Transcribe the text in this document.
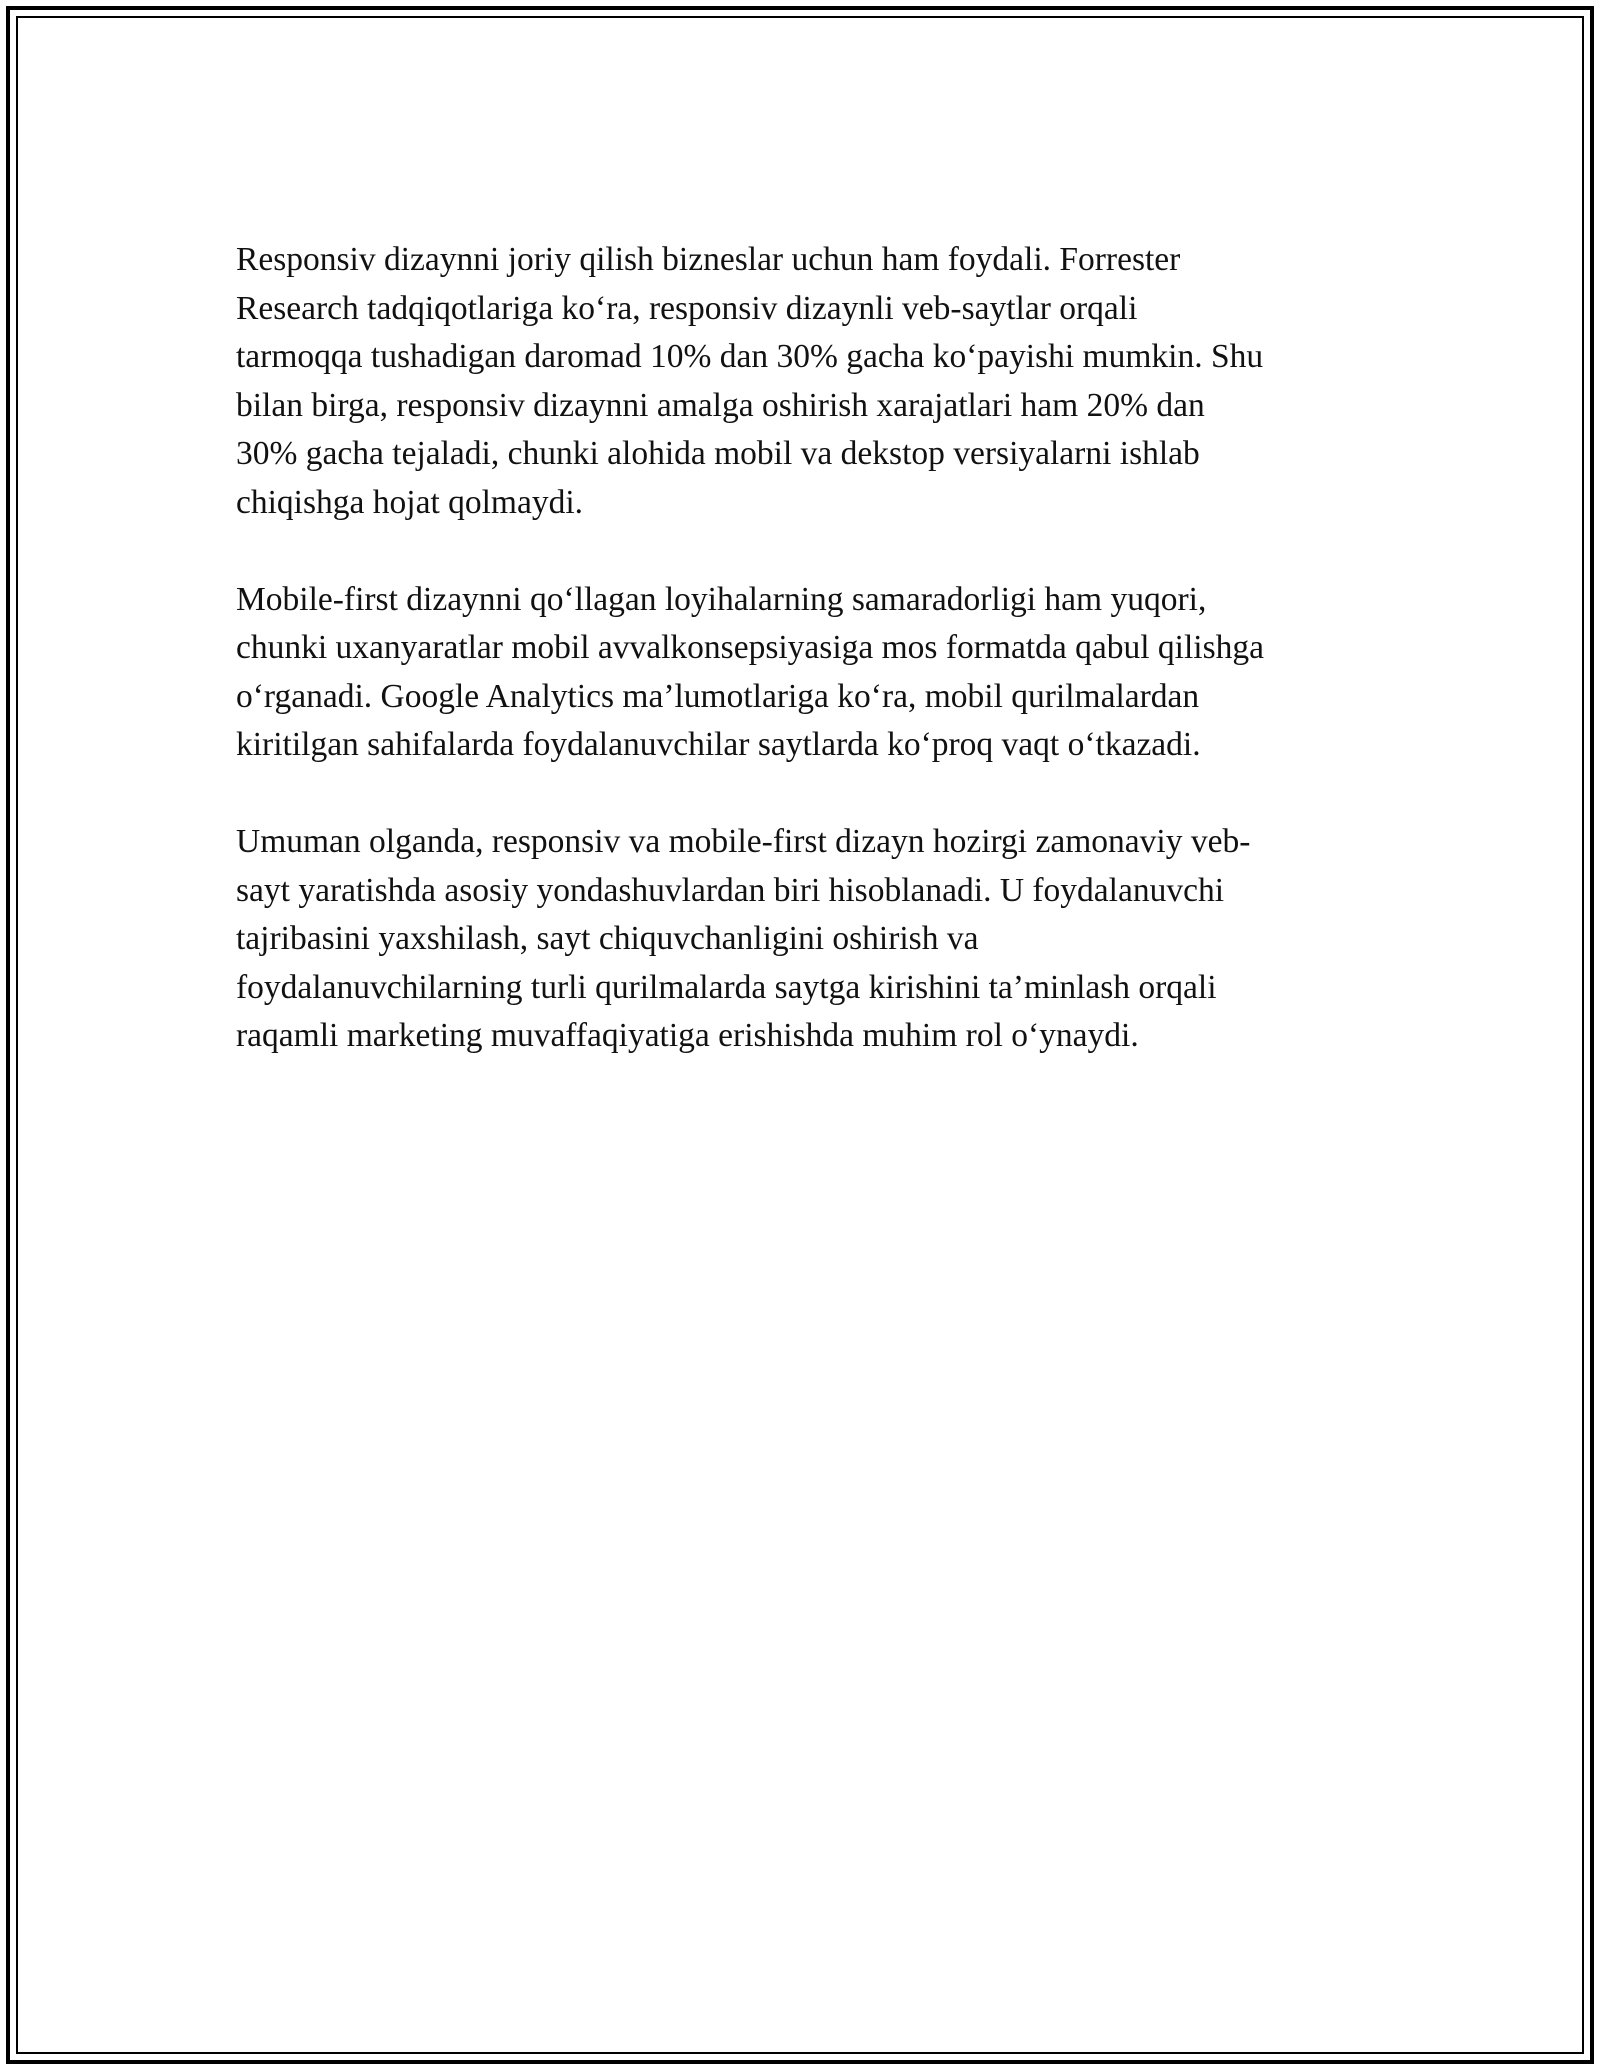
Responsiv dizaynni joriy qilish bizneslar uchun ham foydali. Forrester
Research tadqiqotlariga ko‘ra, responsiv dizaynli veb-saytlar orqali
tarmoqqa tushadigan daromad 10% dan 30% gacha ko‘payishi mumkin. Shu
bilan birga, responsiv dizaynni amalga oshirish xarajatlari ham 20% dan
30% gacha tejaladi, chunki alohida mobil va dekstop versiyalarni ishlab
chiqishga hojat qolmaydi.

Mobile-first dizaynni qo‘llagan loyihalarning samaradorligi ham yuqori,
chunki uxanyaratlar mobil avvalkonsepsiyasiga mos formatda qabul qilishga
o‘rganadi. Google Analytics ma’lumotlariga ko‘ra, mobil qurilmalardan
kiritilgan sahifalarda foydalanuvchilar saytlarda ko‘proq vaqt o‘tkazadi.

Umuman olganda, responsiv va mobile-first dizayn hozirgi zamonaviy veb-
sayt yaratishda asosiy yondashuvlardan biri hisoblanadi. U foydalanuvchi
tajribasini yaxshilash, sayt chiquvchanligini oshirish va
foydalanuvchilarning turli qurilmalarda saytga kirishini ta’minlash orqali
raqamli marketing muvaffaqiyatiga erishishda muhim rol o‘ynaydi.
